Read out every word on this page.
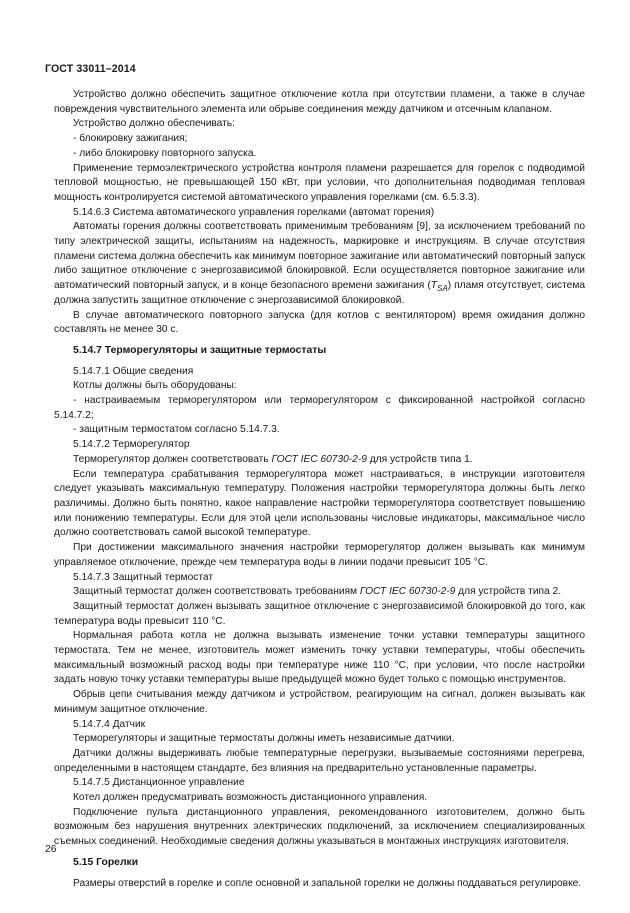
ГОСТ 33011–2014

Устройство должно обеспечить защитное отключение котла при отсутствии пламени, а также в случае повреждения чувствительного элемента или обрыве соединения между датчиком и отсечным клапаном.

Устройство должно обеспечивать:

- блокировку зажигания;

- либо блокировку повторного запуска.

Применение термоэлектрического устройства контроля пламени разрешается для горелок с подводимой тепловой мощностью, не превышающей 150 кВт, при условии, что дополнительная подводимая тепловая мощность контролируется системой автоматического управления горелками (см. 6.5.3.3).

5.14.6.3 Система автоматического управления горелками (автомат горения)

Автоматы горения должны соответствовать применимым требованиям [9], за исключением требований по типу электрической защиты, испытаниям на надежность, маркировке и инструкциям. В случае отсутствия пламени система должна обеспечить как минимум повторное зажигание или автоматический повторный запуск либо защитное отключение с энергозависимой блокировкой. Если осуществляется повторное зажигание или автоматический повторный запуск, и в конце безопасного времени зажигания $(T_{SA})$ пламя отсутствует, система должна запустить защитное отключение с энергозависимой блокировкой.

В случае автоматического повторного запуска (для котлов с вентилятором) время ожидания должно составлять не менее 30 с.

5.14.7 Терморегуляторы и защитные термостаты

5.14.7.1 Общие сведения

Котлы должны быть оборудованы:

- настраиваемым терморегулятором или терморегулятором с фиксированной настройкой согласно 5.14.7.2;

- защитным термостатом согласно 5.14.7.3.

5.14.7.2 Терморегулятор

Терморегулятор должен соответствовать ГОСТ IEC 60730-2-9 для устройств типа 1.

Если температура срабатывания терморегулятора может настраиваться, в инструкции изготовителя следует указывать максимальную температуру. Положения настройки терморегулятора должны быть легко различимы. Должно быть понятно, какое направление настройки терморегулятора соответствует повышению или понижению температуры. Если для этой цели использованы числовые индикаторы, максимальное число должно соответствовать самой высокой температуре.

При достижении максимального значения настройки терморегулятор должен вызывать как минимум управляемое отключение, прежде чем температура воды в линии подачи превысит 105 °С.

5.14.7.3 Защитный термостат

Защитный термостат должен соответствовать требованиям ГОСТ IEC 60730-2-9 для устройств типа 2.

Защитный термостат должен вызывать защитное отключение с энергозависимой блокировкой до того, как температура воды превысит 110 °С.

Нормальная работа котла не должна вызывать изменение точки уставки температуры защитного термостата. Тем не менее, изготовитель может изменить точку уставки температуры, чтобы обеспечить максимальный возможный расход воды при температуре ниже 110 °С, при условии, что после настройки задать новую точку уставки температуры выше предыдущей можно будет только с помощью инструментов.

Обрыв цепи считывания между датчиком и устройством, реагирующим на сигнал, должен вызывать как минимум защитное отключение.

5.14.7.4 Датчик

Терморегуляторы и защитные термостаты должны иметь независимые датчики.

Датчики должны выдерживать любые температурные перегрузки, вызываемые состояниями перегрева, определенными в настоящем стандарте, без влияния на предварительно установленные параметры.

5.14.7.5 Дистанционное управление

Котел должен предусматривать возможность дистанционного управления.

Подключение пульта дистанционного управления, рекомендованного изготовителем, должно быть возможным без нарушения внутренних электрических подключений, за исключением специализированных съемных соединений. Необходимые сведения должны указываться в монтажных инструкциях изготовителя.

5.15 Горелки

Размеры отверстий в горелке и сопле основной и запальной горелки не должны поддаваться регулировке.

26
